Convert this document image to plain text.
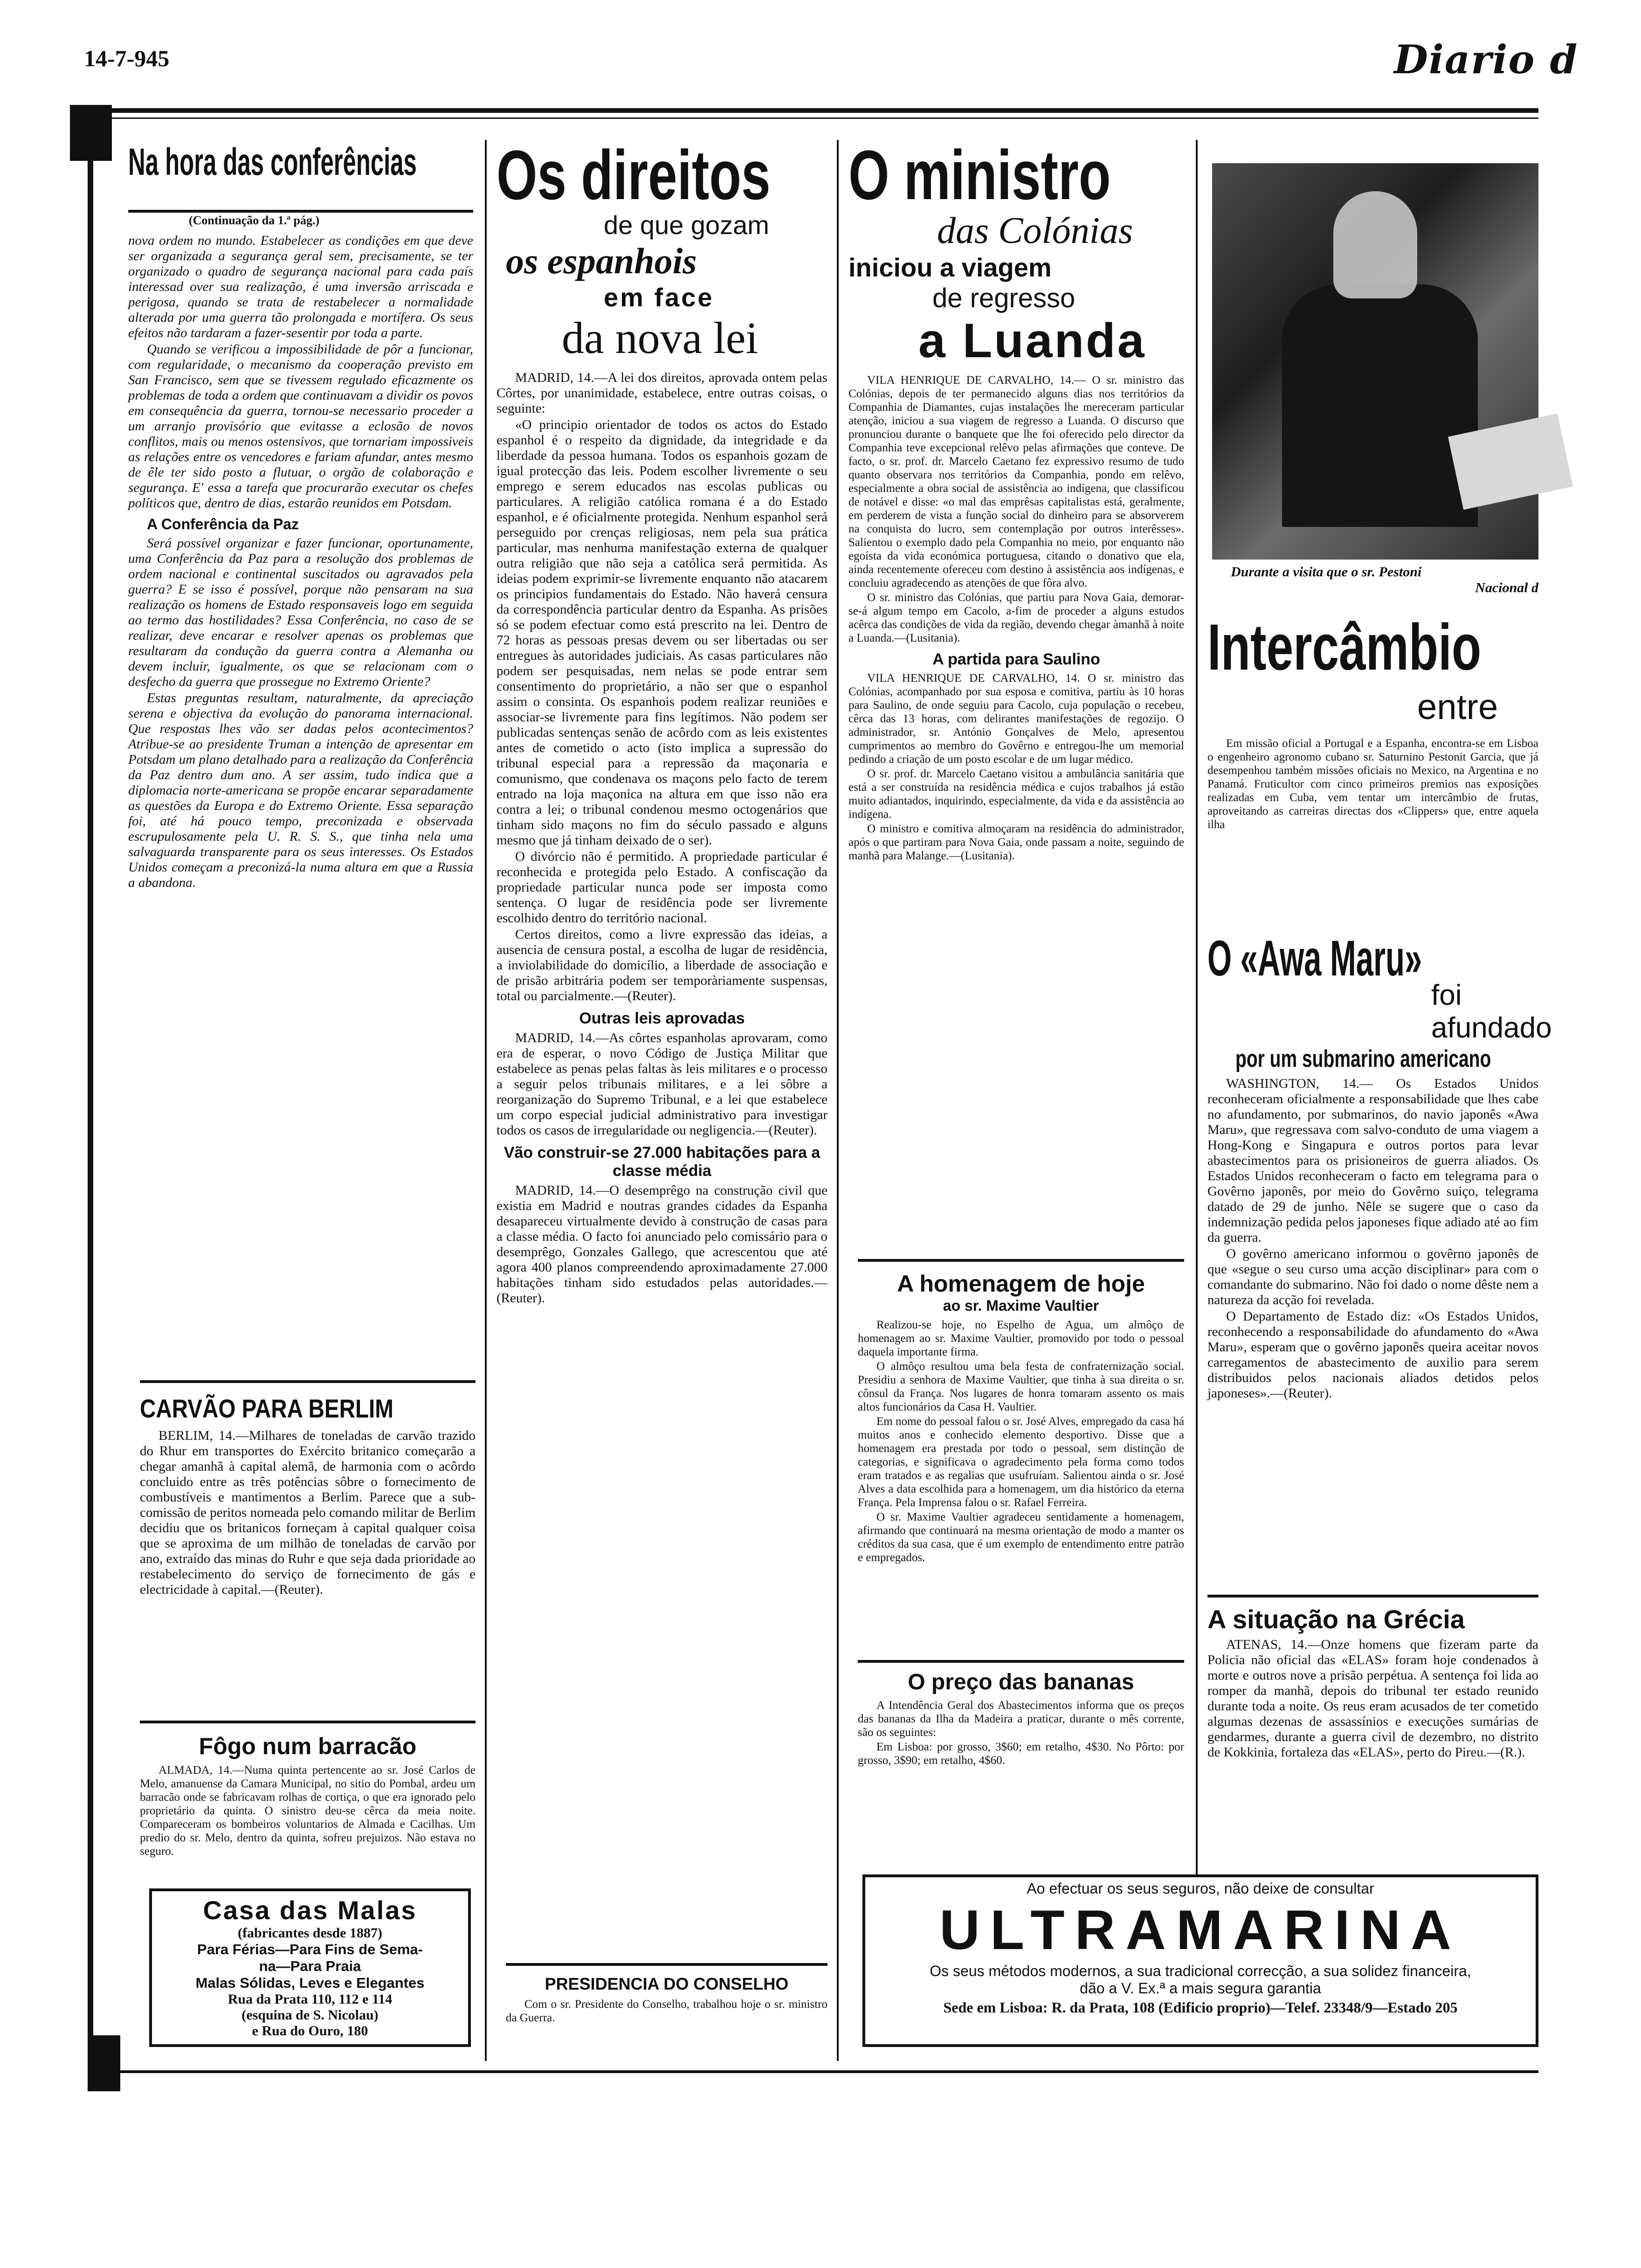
14-7-945	Diario d
Na hora das conferências
(Continuação da 1.ª pág.)

nova ordem no mundo. Estabelecer as condições em que deve ser organizada a segurança geral sem, precisamente, se ter organizado o quadro de segurança nacional para cada país interessad over sua realização, é uma inversão arriscada e perigosa, quando se trata de restabelecer a normalidade alterada por uma guerra tão prolongada e mortífera. Os seus efeitos não tardaram a fazer-sesentir por toda a parte.

Quando se verificou a impossibilidade de pôr a funcionar, com regularidade, o mecanismo da cooperação previsto em San Francisco, sem que se tivessem regulado eficazmente os problemas de toda a ordem que continuavam a dividir os povos em consequência da guerra, tornou-se necessario proceder a um arranjo provisório que evitasse a eclosão de novos conflitos, mais ou menos ostensivos, que tornariam impossiveis as relações entre os vencedores e fariam afundar, antes mesmo de êle ter sido posto a flutuar, o orgão de colaboração e segurança. E' essa a tarefa que procurarão executar os chefes políticos que, dentro de dias, estarão reunidos em Potsdam.

A Conferência da Paz

Será possível organizar e fazer funcionar, oportunamente, uma Conferência da Paz para a resolução dos problemas de ordem nacional e continental suscitados ou agravados pela guerra? E se isso é possível, porque não pensaram na sua realização os homens de Estado responsaveis logo em seguida ao termo das hostilidades? Essa Conferência, no caso de se realizar, deve encarar e resolver apenas os problemas que resultaram da condução da guerra contra a Alemanha ou devem incluir, igualmente, os que se relacionam com o desfecho da guerra que prossegue no Extremo Oriente?

Estas preguntas resultam, naturalmente, da apreciação serena e objectiva da evolução do panorama internacional. Que respostas lhes vão ser dadas pelos acontecimentos? Atribue-se ao presidente Truman a intenção de apresentar em Potsdam um plano detalhado para a realização da Conferência da Paz dentro dum ano. A ser assim, tudo indica que a diplomacia norte-americana se propõe encarar separadamente as questões da Europa e do Extremo Oriente. Essa separação foi, até há pouco tempo, preconizada e observada escrupulosamente pela U. R. S. S., que tinha nela uma salvaguarda transparente para os seus interesses. Os Estados Unidos começam a preconizá-la numa altura em que a Russia a abandona.

CARVÃO PARA BERLIM

BERLIM, 14.—Milhares de toneladas de carvão trazido do Rhur em transportes do Exército britanico começarão a chegar amanhã à capital alemã, de harmonia com o acôrdo concluido entre as três potências sôbre o fornecimento de combustíveis e mantimentos a Berlim. Parece que a sub-comissão de peritos nomeada pelo comando militar de Berlim decidiu que os britanicos forneçam à capital qualquer coisa que se aproxima de um milhão de toneladas de carvão por ano, extraído das minas do Ruhr e que seja dada prioridade ao restabelecimento do serviço de fornecimento de gás e electricidade à capital.—(Reuter).

Fôgo num barracão

ALMADA, 14.—Numa quinta pertencente ao sr. José Carlos de Melo, amanuense da Camara Municipal, no sitio do Pombal, ardeu um barracão onde se fabricavam rolhas de cortiça, o que era ignorado pelo proprietário da quinta. O sinistro deu-se cêrca da meia noite. Compareceram os bombeiros voluntarios de Almada e Cacilhas. Um predio do sr. Melo, dentro da quinta, sofreu prejuizos. Não estava no seguro.

Casa das Malas
(fabricantes desde 1887)
Para Férias—Para Fins de Sema-
na—Para Praia
Malas Sólidas, Leves e Elegantes
Rua da Prata 110, 112 e 114
(esquina de S. Nicolau)
e Rua do Ouro, 180
Os direitos
de que gozam
os espanhois
em face
da nova lei

MADRID, 14.—A lei dos direitos, aprovada ontem pelas Côrtes, por unanimidade, estabelece, entre outras coisas, o seguinte:

«O principio orientador de todos os actos do Estado espanhol é o respeito da dignidade, da integridade e da liberdade da pessoa humana. Todos os espanhois gozam de igual protecção das leis. Podem escolher livremente o seu emprego e serem educados nas escolas publicas ou particulares. A religião católica romana é a do Estado espanhol, e é oficialmente protegida. Nenhum espanhol será perseguido por crenças religiosas, nem pela sua prática particular, mas nenhuma manifestação externa de qualquer outra religião que não seja a católica será permitida. As ideias podem exprimir-se livremente enquanto não atacarem os principios fundamentais do Estado. Não haverá censura da correspondência particular dentro da Espanha. As prisões só se podem efectuar como está prescrito na lei. Dentro de 72 horas as pessoas presas devem ou ser libertadas ou ser entregues às autoridades judiciais. As casas particulares não podem ser pesquisadas, nem nelas se pode entrar sem consentimento do proprietário, a não ser que o espanhol assim o consinta. Os espanhois podem realizar reuniões e associar-se livremente para fins legítimos. Não podem ser publicadas sentenças senão de acôrdo com as leis existentes antes de cometido o acto (isto implica a supressão do tribunal especial para a repressão da maçonaria e comunismo, que condenava os maçons pelo facto de terem entrado na loja maçonica na altura em que isso não era contra a lei; o tribunal condenou mesmo octogenários que tinham sido maçons no fim do século passado e alguns mesmo que já tinham deixado de o ser).

O divórcio não é permitido. A propriedade particular é reconhecida e protegida pelo Estado. A confiscação da propriedade particular nunca pode ser imposta como sentença. O lugar de residência pode ser livremente escolhido dentro do território nacional.

Certos direitos, como a livre expressão das ideias, a ausencia de censura postal, a escolha de lugar de residência, a inviolabilidade do domicílio, a liberdade de associação e de prisão arbitrária podem ser temporàriamente suspensas, total ou parcialmente.—(Reuter).

Outras leis aprovadas

MADRID, 14.—As côrtes espanholas aprovaram, como era de esperar, o novo Código de Justiça Militar que estabelece as penas pelas faltas às leis militares e o processo a seguir pelos tribunais militares, e a lei sôbre a reorganização do Supremo Tribunal, e a lei que estabelece um corpo especial judicial administrativo para investigar todos os casos de irregularidade ou negligencia.—(Reuter).

Vão construir-se 27.000 habitações para a classe média

MADRID, 14.—O desemprêgo na construção civil que existia em Madrid e noutras grandes cidades da Espanha desapareceu virtualmente devido à construção de casas para a classe média. O facto foi anunciado pelo comissário para o desemprêgo, Gonzales Gallego, que acrescentou que até agora 400 planos compreendendo aproximadamente 27.000 habitações tinham sido estudados pelas autoridades.—(Reuter).

PRESIDENCIA DO CONSELHO

Com o sr. Presidente do Conselho, trabalhou hoje o sr. ministro da Guerra.

O ministro
das Colónias
iniciou a viagem
de regresso
a Luanda

VILA HENRIQUE DE CARVALHO, 14.— O sr. ministro das Colónias, depois de ter permanecido alguns dias nos territórios da Companhia de Diamantes, cujas instalações lhe mereceram particular atenção, iniciou a sua viagem de regresso a Luanda. O discurso que pronunciou durante o banquete que lhe foi oferecido pelo director da Companhia teve excepcional relêvo pelas afirmações que conteve. De facto, o sr. prof. dr. Marcelo Caetano fez expressivo resumo de tudo quanto observara nos territórios da Companhia, pondo em relêvo, especialmente a obra social de assistência ao indígena, que classificou de notável e disse: «o mal das emprêsas capitalistas está, geralmente, em perderem de vista a função social do dinheiro para se absorverem na conquista do lucro, sem contemplação por outros interêsses». Salientou o exemplo dado pela Companhia no meio, por enquanto não egoísta da vida económica portuguesa, citando o donativo que ela, ainda recentemente ofereceu com destino à assistência aos indígenas, e concluiu agradecendo as atenções de que fôra alvo.

O sr. ministro das Colónias, que partiu para Nova Gaia, demorar-se-á algum tempo em Cacolo, a-fim de proceder a alguns estudos acêrca das condições de vida da região, devendo chegar àmanhã à noite a Luanda.—(Lusitania).

A partida para Saulino

VILA HENRIQUE DE CARVALHO, 14. O sr. ministro das Colónias, acompanhado por sua esposa e comitiva, partiu às 10 horas para Saulino, de onde seguiu para Cacolo, cuja população o recebeu, cêrca das 13 horas, com delirantes manifestações de regozijo. O administrador, sr. António Gonçalves de Melo, apresentou cumprimentos ao membro do Govêrno e entregou-lhe um memorial pedindo a criação de um posto escolar e de um lugar médico.

O sr. prof. dr. Marcelo Caetano visitou a ambulância sanitária que está a ser construída na residência médica e cujos trabalhos já estão muito adiantados, inquirindo, especialmente, da vida e da assistência ao indígena.

O ministro e comitiva almoçaram na residência do administrador, após o que partiram para Nova Gaia, onde passam a noite, seguindo de manhã para Malange.—(Lusitania).

A homenagem de hoje
ao sr. Maxime Vaultier

Realizou-se hoje, no Espelho de Agua, um almôço de homenagem ao sr. Maxime Vaultier, promovido por todo o pessoal daquela importante firma.

O almôço resultou uma bela festa de confraternização social. Presidiu a senhora de Maxime Vaultier, que tinha à sua direita o sr. cônsul da França. Nos lugares de honra tomaram assento os mais altos funcionários da Casa H. Vaultier.

Em nome do pessoal falou o sr. José Alves, empregado da casa há muitos anos e conhecido elemento desportivo. Disse que a homenagem era prestada por todo o pessoal, sem distinção de categorias, e significava o agradecimento pela forma como todos eram tratados e as regalias que usufruíam. Salientou ainda o sr. José Alves a data escolhida para a homenagem, um dia histórico da eterna França. Pela Imprensa falou o sr. Rafael Ferreira.

O sr. Maxime Vaultier agradeceu sentidamente a homenagem, afirmando que continuará na mesma orientação de modo a manter os créditos da sua casa, que é um exemplo de entendimento entre patrão e empregados.

O preço das bananas

A Intendência Geral dos Abastecimentos informa que os preços das bananas da Ilha da Madeira a praticar, durante o mês corrente, são os seguintes:

Em Lisboa: por grosso, 3$60; em retalho, 4$30. No Pôrto: por grosso, 3$90; em retalho, 4$60.

Durante a visita que o sr. Pestoni
Nacional d
Intercâmbio
entre

Em missão oficial a Portugal e a Espanha, encontra-se em Lisboa o engenheiro agronomo cubano sr. Saturnino Pestonit Garcia, que já desempenhou também missões oficiais no Mexico, na Argentina e no Panamá. Fruticultor com cinco primeiros premios nas exposições realizadas em Cuba, vem tentar um intercâmbio de frutas, aproveitando as carreiras directas dos «Clippers» que, entre aquela ilha

O «Awa Maru»
foi afundado
por um submarino americano

WASHINGTON, 14.— Os Estados Unidos reconheceram oficialmente a responsabilidade que lhes cabe no afundamento, por submarinos, do navio japonês «Awa Maru», que regressava com salvo-conduto de uma viagem a Hong-Kong e Singapura e outros portos para levar abastecimentos para os prisioneiros de guerra aliados. Os Estados Unidos reconheceram o facto em telegrama para o Govêrno japonês, por meio do Govêrno suiço, telegrama datado de 29 de junho. Nêle se sugere que o caso da indemnização pedida pelos japoneses fique adiado até ao fim da guerra.

O govêrno americano informou o govêrno japonês de que «segue o seu curso uma acção disciplinar» para com o comandante do submarino. Não foi dado o nome dêste nem a natureza da acção foi revelada.

O Departamento de Estado diz: «Os Estados Unidos, reconhecendo a responsabilidade do afundamento do «Awa Maru», esperam que o govêrno japonês queira aceitar novos carregamentos de abastecimento de auxilio para serem distribuidos pelos nacionais aliados detidos pelos japoneses».—(Reuter).

A situação na Grécia

ATENAS, 14.—Onze homens que fizeram parte da Policia não oficial das «ELAS» foram hoje condenados à morte e outros nove a prisão perpétua. A sentença foi lida ao romper da manhã, depois do tribunal ter estado reunido durante toda a noite. Os reus eram acusados de ter cometido algumas dezenas de assassínios e execuções sumárias de gendarmes, durante a guerra civil de dezembro, no distrito de Kokkinia, fortaleza das «ELAS», perto do Pireu.—(R.).

Ao efectuar os seus seguros, não deixe de consultar
ULTRAMARINA
Os seus métodos modernos, a sua tradicional correcção, a sua solidez financeira,
dão a V. Ex.ª a mais segura garantia
Sede em Lisboa: R. da Prata, 108 (Edificio proprio)—Telef. 23348/9—Estado 205
